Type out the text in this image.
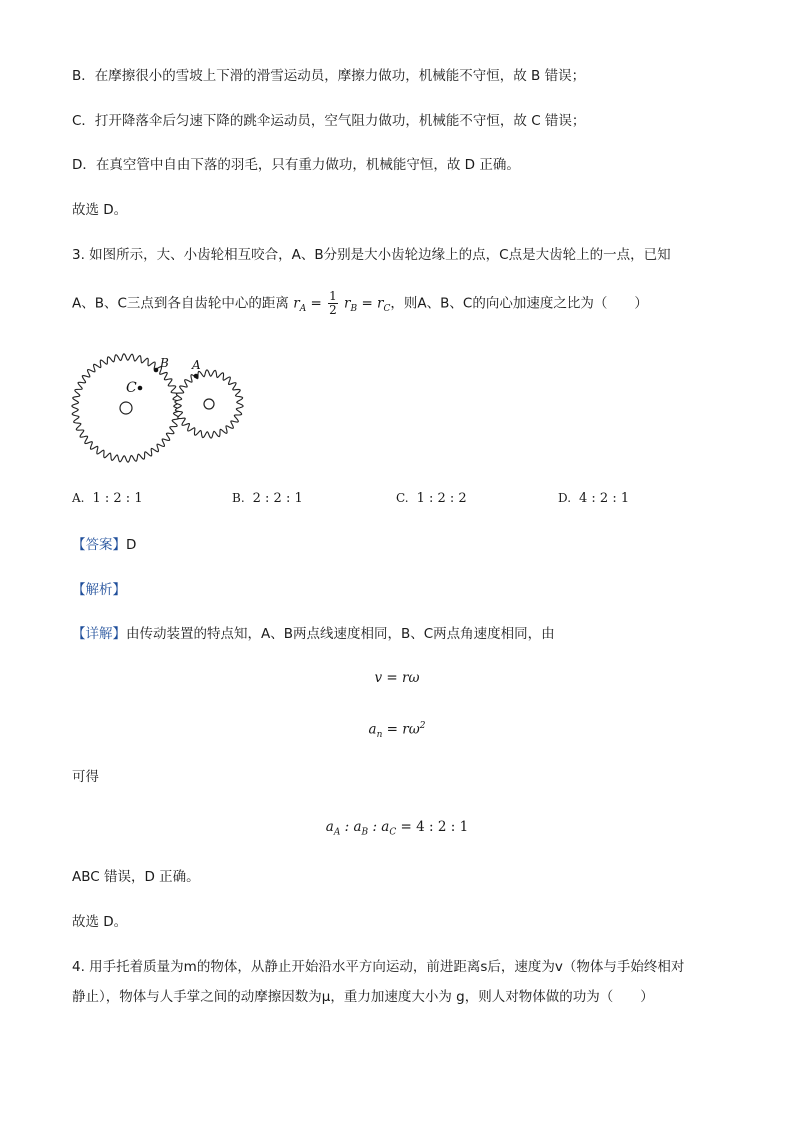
B．在摩擦很小的雪坡上下滑的滑雪运动员，摩擦力做功，机械能不守恒，故 B 错误；
C．打开降落伞后匀速下降的跳伞运动员，空气阻力做功，机械能不守恒，故 C 错误；
D．在真空管中自由下落的羽毛，只有重力做功，机械能守恒，故 D 正确。
故选 D。
3. 如图所示，大、小齿轮相互咬合，A、B分别是大小齿轮边缘上的点，C点是大齿轮上的一点，已知
A、B、C三点到各自齿轮中心的距离 $r_A = \frac{1}{2} r_B = r_C$，则A、B、C的向心加速度之比为（　　）
C
B A
A. 1 : 2 : 1	B. 2 : 2 : 1	C. 1 : 2 : 2	D. 4 : 2 : 1
【答案】D
【解析】
【详解】由传动装置的特点知，A、B两点线速度相同，B、C两点角速度相同，由
v = rω
$a_n = r\omega^2$
可得
$a_A$ : $a_B$ : $a_C = 4$ : 2 : 1
ABC 错误，D 正确。
故选 D。
4. 用手托着质量为m的物体，从静止开始沿水平方向运动，前进距离s后，速度为v（物体与手始终相对
静止），物体与人手掌之间的动摩擦因数为μ，重力加速度大小为 g，则人对物体做的功为（　　）
